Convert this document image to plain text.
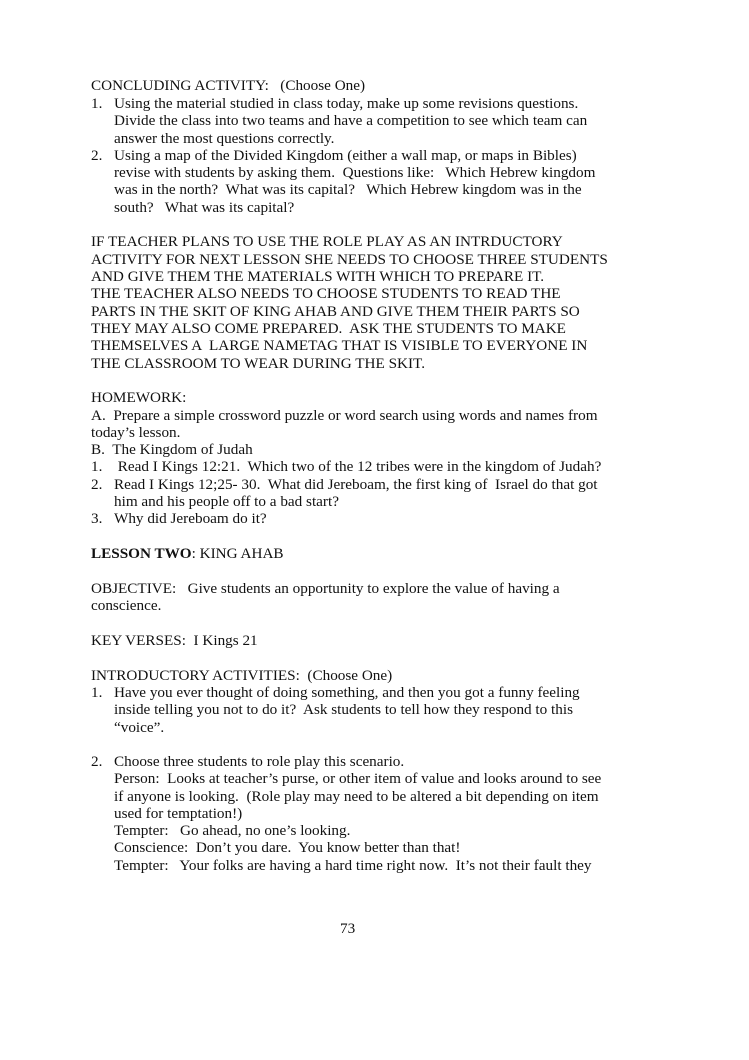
CONCLUDING ACTIVITY:   (Choose One)
1. Using the material studied in class today, make up some revisions questions.
Divide the class into two teams and have a competition to see which team can
answer the most questions correctly.
2. Using a map of the Divided Kingdom (either a wall map, or maps in Bibles)
revise with students by asking them.  Questions like:   Which Hebrew kingdom
was in the north?  What was its capital?   Which Hebrew kingdom was in the
south?   What was its capital?
IF TEACHER PLANS TO USE THE ROLE PLAY AS AN INTRDUCTORY
ACTIVITY FOR NEXT LESSON SHE NEEDS TO CHOOSE THREE STUDENTS
AND GIVE THEM THE MATERIALS WITH WHICH TO PREPARE IT.
THE TEACHER ALSO NEEDS TO CHOOSE STUDENTS TO READ THE
PARTS IN THE SKIT OF KING AHAB AND GIVE THEM THEIR PARTS SO
THEY MAY ALSO COME PREPARED.  ASK THE STUDENTS TO MAKE
THEMSELVES A  LARGE NAMETAG THAT IS VISIBLE TO EVERYONE IN
THE CLASSROOM TO WEAR DURING THE SKIT.
HOMEWORK:
A.  Prepare a simple crossword puzzle or word search using words and names from
today’s lesson.
B.  The Kingdom of Judah
1. Read I Kings 12:21.  Which two of the 12 tribes were in the kingdom of Judah?
2. Read I Kings 12;25- 30.  What did Jereboam, the first king of  Israel do that got
him and his people off to a bad start?
3. Why did Jereboam do it?
LESSON TWO: KING AHAB
OBJECTIVE:   Give students an opportunity to explore the value of having a
conscience.
KEY VERSES:  I Kings 21
INTRODUCTORY ACTIVITIES:  (Choose One)
1. Have you ever thought of doing something, and then you got a funny feeling
inside telling you not to do it?  Ask students to tell how they respond to this
“voice”.
2. Choose three students to role play this scenario.
Person:  Looks at teacher’s purse, or other item of value and looks around to see
if anyone is looking.  (Role play may need to be altered a bit depending on item
used for temptation!)
Tempter:   Go ahead, no one’s looking.
Conscience:  Don’t you dare.  You know better than that!
Tempter:   Your folks are having a hard time right now.  It’s not their fault they
73
